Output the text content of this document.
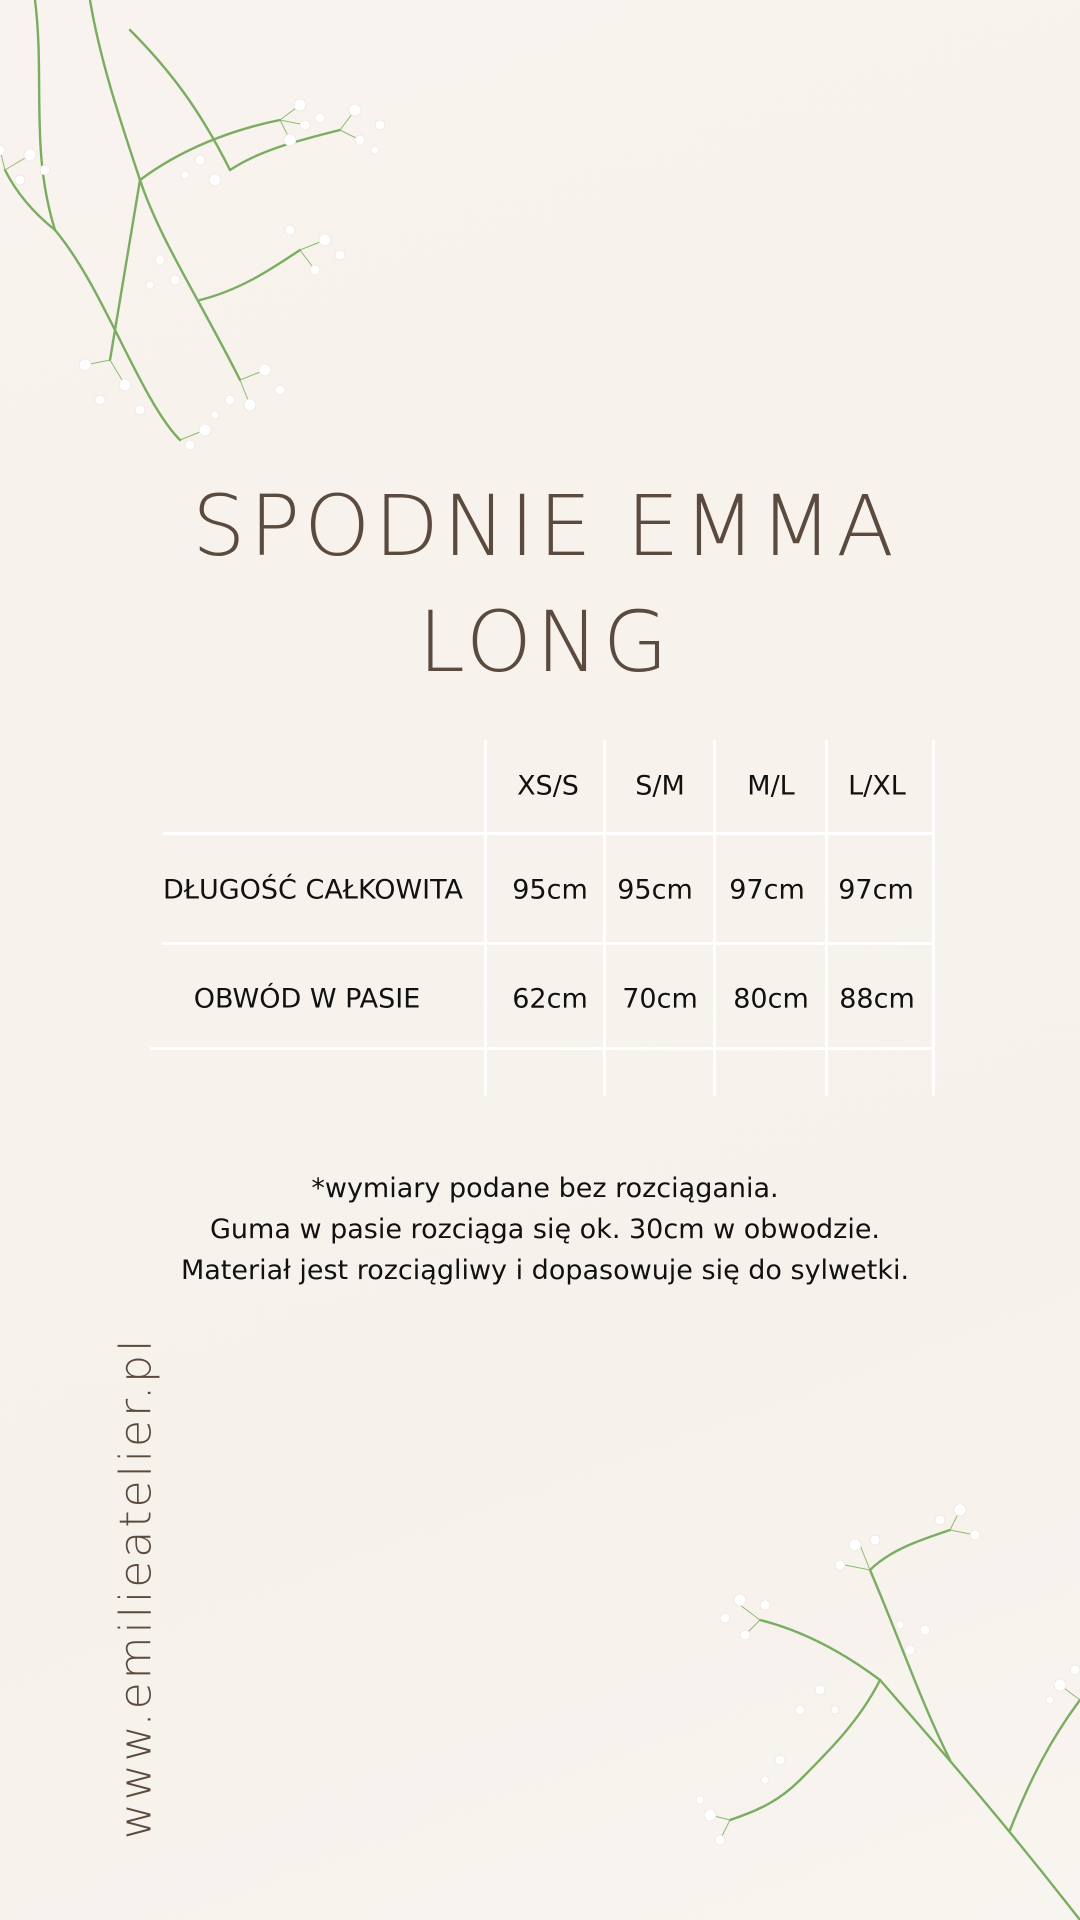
SPODNIE EMMA
LONG
XS/S S/M M/L L/XL
DŁUGOŚĆ CAŁKOWITA 95cm 95cm 97cm 97cm
OBWÓD W PASIE	62cm 70cm 80cm 88cm
*wymiary podane bez rozciągania.
Guma w pasie rozciąga się ok. 30cm w obwodzie.
Materiał jest rozciągliwy i dopasowuje się do sylwetki.
www.emilieatelier.pl
